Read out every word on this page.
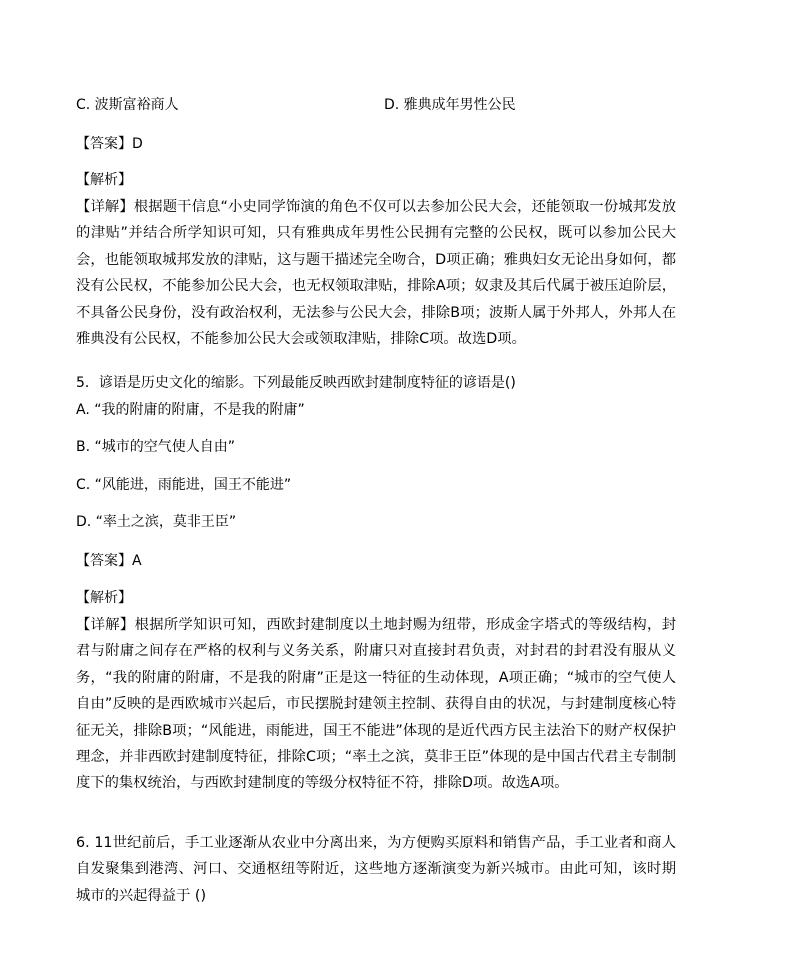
C. 波斯富裕商人	D. 雅典成年男性公民
【答案】D
【解析】
【详解】根据题干信息“小史同学饰演的角色不仅可以去参加公民大会，还能领取一份城邦发放的津贴”并结合所学知识可知，只有雅典成年男性公民拥有完整的公民权，既可以参加公民大会，也能领取城邦发放的津贴，这与题干描述完全吻合，D项正确；雅典妇女无论出身如何，都没有公民权，不能参加公民大会，也无权领取津贴，排除A项；奴隶及其后代属于被压迫阶层，不具备公民身份，没有政治权利，无法参与公民大会，排除B项；波斯人属于外邦人，外邦人在雅典没有公民权，不能参加公民大会或领取津贴，排除C项。故选D项。
5．谚语是历史文化的缩影。下列最能反映西欧封建制度特征的谚语是()
A. “我的附庸的附庸，不是我的附庸”
B. “城市的空气使人自由”
C. “风能进，雨能进，国王不能进”
D. “率土之滨，莫非王臣”
【答案】A
【解析】
【详解】根据所学知识可知，西欧封建制度以土地封赐为纽带，形成金字塔式的等级结构，封君与附庸之间存在严格的权利与义务关系，附庸只对直接封君负责，对封君的封君没有服从义务，“我的附庸的附庸，不是我的附庸”正是这一特征的生动体现，A项正确；“城市的空气使人自由”反映的是西欧城市兴起后，市民摆脱封建领主控制、获得自由的状况，与封建制度核心特征无关，排除B项；“风能进，雨能进，国王不能进”体现的是近代西方民主法治下的财产权保护理念，并非西欧封建制度特征，排除C项；“率土之滨，莫非王臣”体现的是中国古代君主专制制度下的集权统治，与西欧封建制度的等级分权特征不符，排除D项。故选A项。
6. 11世纪前后，手工业逐渐从农业中分离出来，为方便购买原料和销售产品，手工业者和商人自发聚集到港湾、河口、交通枢纽等附近，这些地方逐渐演变为新兴城市。由此可知，该时期城市的兴起得益于 ()
